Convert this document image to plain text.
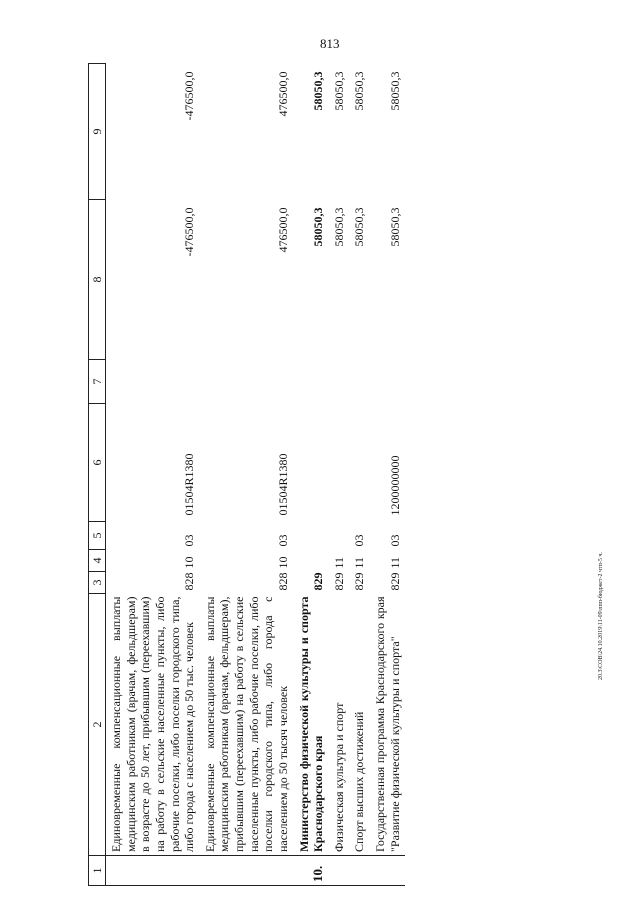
813
20.3\СОВ\24.10.2019\11-09\ппп-бюджет-2 чтп-5 ч.
1	2	3	4	5	6	7	8	9
	Единовременные компенсационные выплаты медицинским работникам (врачам, фельдшерам) в возрасте до 50 лет, прибывшим (переехавшим) на работу в сельские населенные пункты, либо рабочие поселки, либо поселки городского типа, либо города с населением до 50 тыс. человек	828	10	03	01504R1380		-476500,0	-476500,0
	Единовременные компенсационные выплаты медицинским работникам (врачам, фельдшерам), прибывшим (переехавшим) на работу в сельские населенные пункты, либо рабочие поселки, либо поселки городского типа, либо города с населением до 50 тысяч человек	828	10	03	01504R1380		476500,0	476500,0
10.	Министерство физической культуры и спорта Краснодарского края	829					58050,3	58050,3
	Физическая культура и спорт	829	11				58050,3	58050,3
	Спорт высших достижений	829	11	03			58050,3	58050,3
	Государственная программа Краснодарского края "Развитие физической культуры и спорта"	829	11	03	1200000000		58050,3	58050,3
